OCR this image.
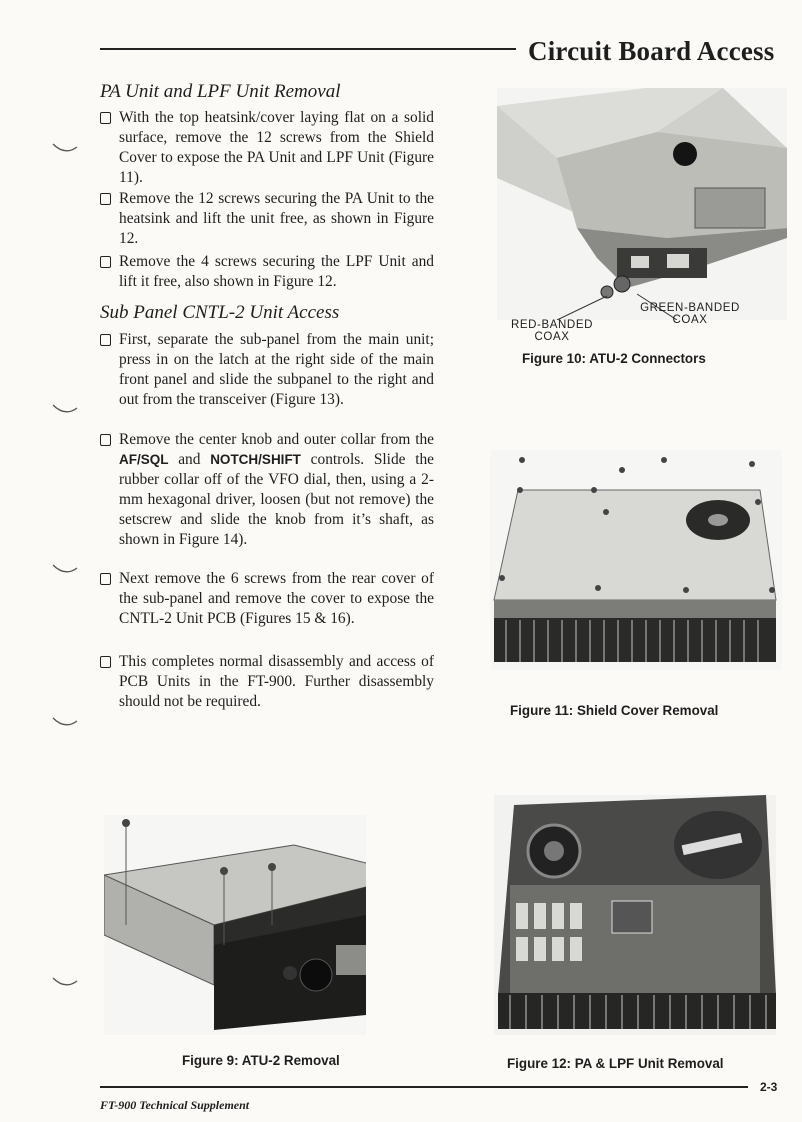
Circuit Board Access
PA Unit and LPF Unit Removal
With the top heatsink/cover laying flat on a solid surface, remove the 12 screws from the Shield Cover to expose the PA Unit and LPF Unit (Figure 11).
Remove the 12 screws securing the PA Unit to the heatsink and lift the unit free, as shown in Figure 12.
Remove the 4 screws securing the LPF Unit and lift it free, also shown in Figure 12.
Sub Panel CNTL-2 Unit Access
First, separate the sub-panel from the main unit; press in on the latch at the right side of the main front panel and slide the subpanel to the right and out from the transceiver (Figure 13).
Remove the center knob and outer collar from the AF/SQL and NOTCH/SHIFT controls. Slide the rubber collar off of the VFO dial, then, using a 2-mm hexagonal driver, loosen (but not remove) the setscrew and slide the knob from it’s shaft, as shown in Figure 14).
Next remove the 6 screws from the rear cover of the sub-panel and remove the cover to expose the CNTL-2 Unit PCB (Figures 15 & 16).
This completes normal disassembly and access of PCB Units in the FT-900. Further disassembly should not be required.
RED-BANDED
COAX
GREEN-BANDED
COAX
Figure 10: ATU-2 Connectors
Figure 11: Shield Cover Removal
Figure 9: ATU-2 Removal	Figure 12: PA & LPF Unit Removal
2-3
FT-900 Technical Supplement
